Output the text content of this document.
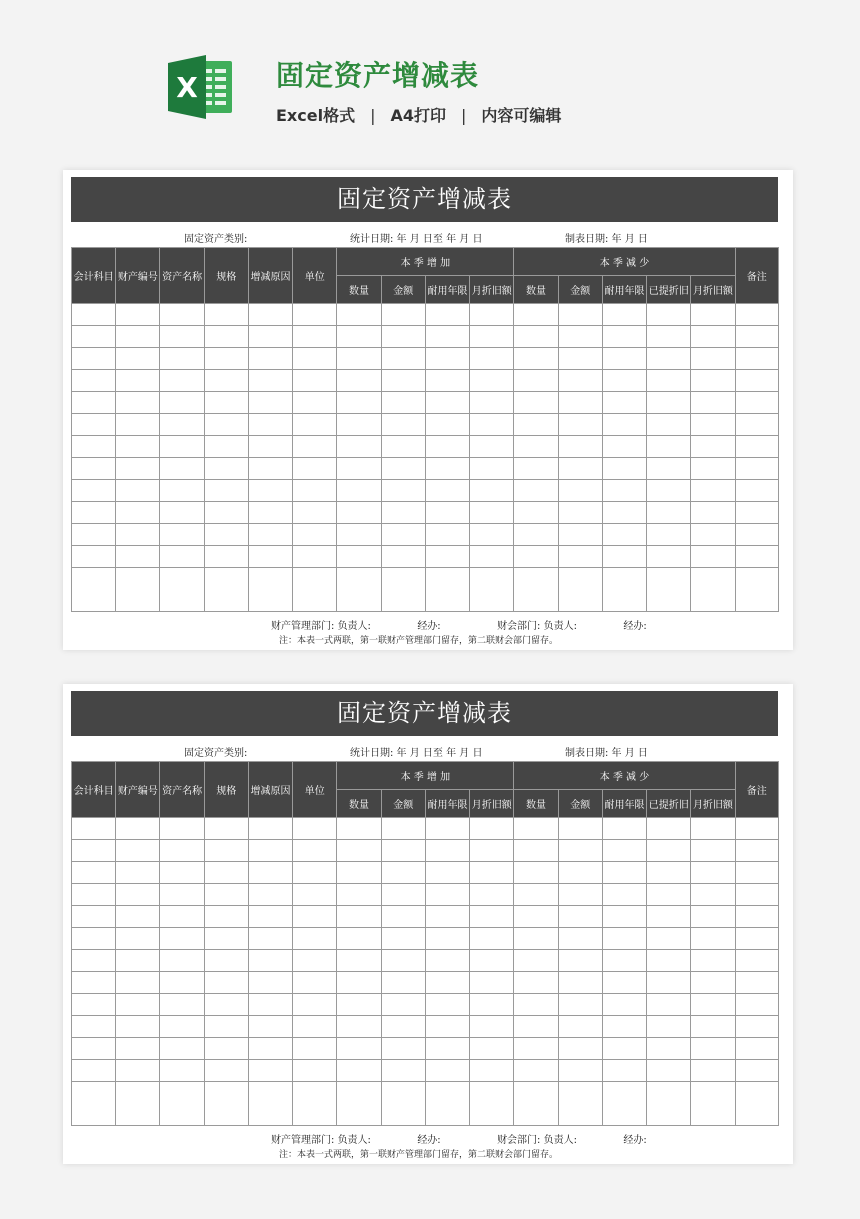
X	固定资产增减表
Excel格式 | A4打印 | 内容可编辑
固定资产增减表
固定资产类别:	统计日期: 年 月 日至 年 月 日	制表日期: 年 月 日
会计科目	财产编号	资产名称	规格	增减原因	单位	本 季 增 加				本 季 减 少					备注
						数量	金额	耐用年限	月折旧额	数量	金额	耐用年限	已提折旧	月折旧额	

财产管理部门: 负责人:	经办:	财会部门: 负责人:	经办:
注：本表一式两联，第一联财产管理部门留存，第二联财会部门留存。
固定资产增减表
固定资产类别:	统计日期: 年 月 日至 年 月 日	制表日期: 年 月 日
会计科目	财产编号	资产名称	规格	增减原因	单位	本 季 增 加				本 季 减 少					备注
						数量	金额	耐用年限	月折旧额	数量	金额	耐用年限	已提折旧	月折旧额	

财产管理部门: 负责人:	经办:	财会部门: 负责人:	经办:
注：本表一式两联，第一联财产管理部门留存，第二联财会部门留存。
